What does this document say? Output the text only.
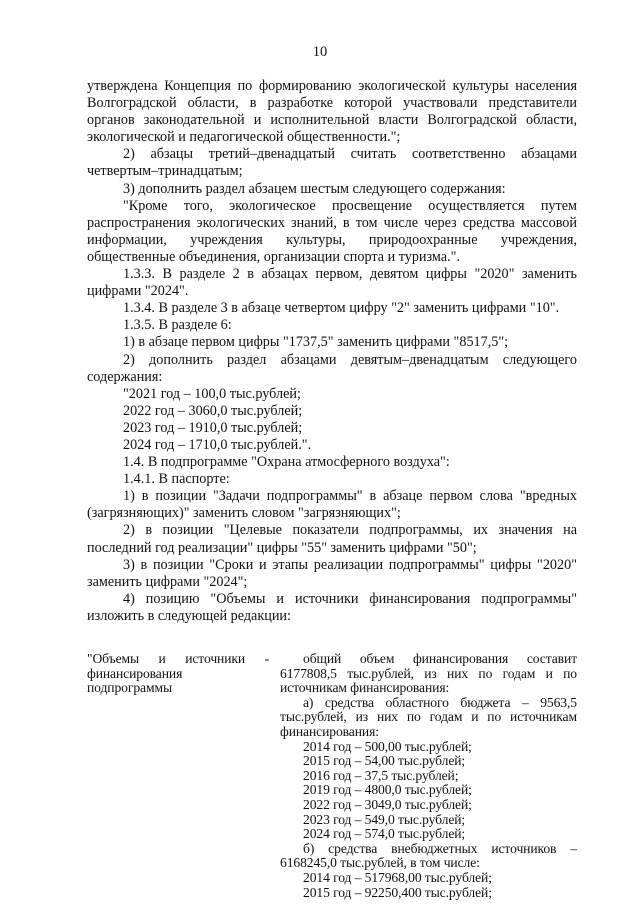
10

утверждена Концепция по формированию экологической культуры населения Волгоградской области, в разработке которой участвовали представители органов законодательной и исполнительной власти Волгоградской области, экологической и педагогической общественности.";

2) абзацы третий–двенадцатый считать соответственно абзацами четвертым–тринадцатым;

3) дополнить раздел абзацем шестым следующего содержания:

"Кроме того, экологическое просвещение осуществляется путем распространения экологических знаний, в том числе через средства массовой информации, учреждения культуры, природоохранные учреждения, общественные объединения, организации спорта и туризма.".

1.3.3. В разделе 2 в абзацах первом, девятом цифры "2020" заменить цифрами "2024".

1.3.4. В разделе 3 в абзаце четвертом цифру "2" заменить цифрами "10".

1.3.5. В разделе 6:

1) в абзаце первом цифры "1737,5" заменить цифрами "8517,5";

2) дополнить раздел абзацами девятым–двенадцатым следующего содержания:

"2021 год – 100,0 тыс.рублей;

2022 год – 3060,0 тыс.рублей;

2023 год – 1910,0 тыс.рублей;

2024 год – 1710,0 тыс.рублей.".

1.4. В подпрограмме "Охрана атмосферного воздуха":

1.4.1. В паспорте:

1) в позиции "Задачи подпрограммы" в абзаце первом слова "вредных (загрязняющих)" заменить словом "загрязняющих";

2) в позиции "Целевые показатели подпрограммы, их значения на последний год реализации" цифры "55" заменить цифрами "50";

3) в позиции "Сроки и этапы реализации подпрограммы" цифры "2020" заменить цифрами "2024";

4) позицию "Объемы и источники финансирования подпрограммы" изложить в следующей редакции:

"Объемы и источники - финансирования подпрограммы

общий объем финансирования составит 6177808,5 тыс.рублей, из них по годам и по источникам финансирования:

а) средства областного бюджета – 9563,5 тыс.рублей, из них по годам и по источникам финансирования:

2014 год – 500,00 тыс.рублей;

2015 год – 54,00 тыс.рублей;

2016 год – 37,5 тыс.рублей;

2019 год – 4800,0 тыс.рублей;

2022 год – 3049,0 тыс.рублей;

2023 год – 549,0 тыс.рублей;

2024 год – 574,0 тыс.рублей;

б) средства внебюджетных источников – 6168245,0 тыс.рублей, в том числе:

2014 год – 517968,00 тыс.рублей;

2015 год – 92250,400 тыс.рублей;
